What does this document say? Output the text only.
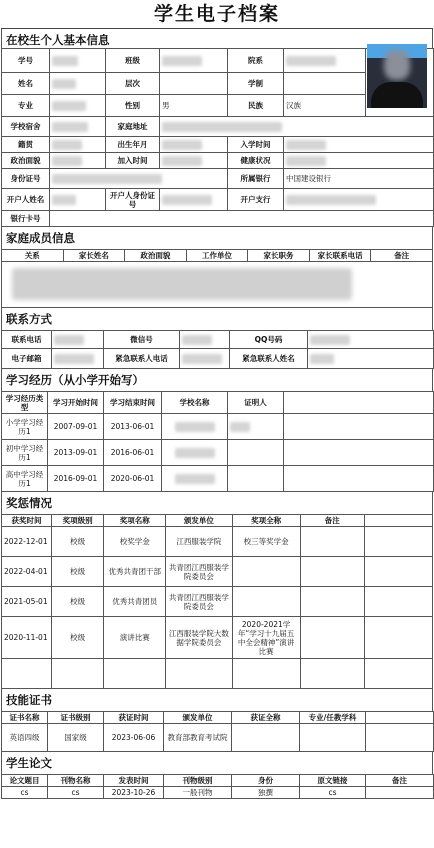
学生电子档案
在校生个人基本信息
学号		班级		院系		
姓名		层次		学制		
专业		性别	男	民族	汉族	
学校宿舍		家庭地址				
籍贯		出生年月		入学时间		
政治面貌		加入时间		健康状况		
身份证号				所属银行	中国建设银行	
开户人姓名		开户人身份证号		开户支行		
银行卡号						
家庭成员信息
关系	家长姓名	政治面貌	工作单位	家长职务	家长联系电话	备注

联系方式
联系电话		微信号		QQ号码	
电子邮箱		紧急联系人电话		紧急联系人姓名	
学习经历（从小学开始写）
学习经历类型	学习开始时间	学习结束时间	学校名称	证明人	
小学学习经历1	2007-09-01	2013-06-01			
初中学习经历1	2013-09-01	2016-06-01			
高中学习经历1	2016-09-01	2020-06-01			
奖惩情况
获奖时间	奖项级别	奖项名称	颁发单位	奖项全称	备注	
2022-12-01	校级	校奖学金	江西服装学院	校三等奖学金		
2022-04-01	校级	优秀共青团干部	共青团江西服装学院委员会			
2021-05-01	校级	优秀共青团员	共青团江西服装学院委员会			
2020-11-01	校级	演讲比赛	江西服装学院大数据学院委员会	2020-2021学年“学习十九届五中全会精神”演讲比赛		

技能证书
证书名称	证书级别	获证时间	颁发单位	获证全称	专业/任教学科	
英语四级	国家级	2023-06-06	教育部教育考试院			
学生论文
论文题目	刊物名称	发表时间	刊物级别	身份	原文链接	备注
cs	cs	2023-10-26	一般刊物	独撰	cs	
